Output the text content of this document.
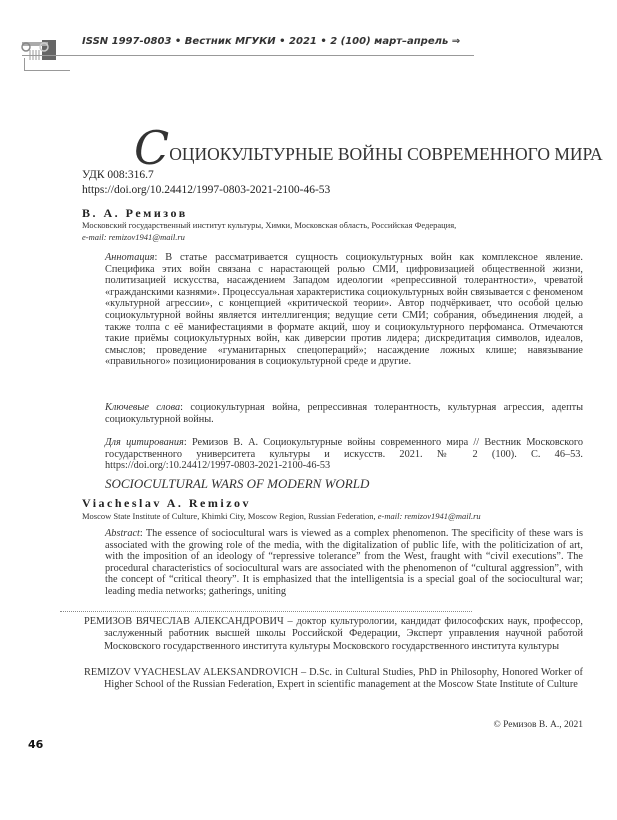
ISSN 1997-0803 • Вестник МГУКИ • 2021 • 2 (100) март–апрель ⇒
СОЦИОКУЛЬТУРНЫЕ ВОЙНЫ СОВРЕМЕННОГО МИРА
УДК 008:316.7
https://doi.org/10.24412/1997-0803-2021-2100-46-53
В. А. Ремизов
Московский государственный институт культуры, Химки, Московская область, Российская Федерация,
e-mail: remizov1941@mail.ru
Аннотация: В статье рассматривается сущность социокультурных войн как комплексное явление. Специфика этих войн связана с нарастающей ролью СМИ, цифровизацией общественной жизни, политизацией искусства, насаждением Западом идеологии «репрессивной толерантности», чреватой «гражданскими казнями». Процессуальная характеристика социокультурных войн связывается с феноменом «культурной агрессии», с концепцией «критической теории». Автор подчёркивает, что особой целью социокультурной войны является интеллигенция; ведущие сети СМИ; собрания, объединения людей, а также толпа с её манифестациями в формате акций, шоу и социокультурного перфоманса. Отмечаются такие приёмы социокультурных войн, как диверсии против лидера; дискредитация символов, идеалов, смыслов; проведение «гуманитарных спецопераций»; насаждение ложных клише; навязывание «правильного» позиционирования в социокультурной среде и другие.
Ключевые слова: социокультурная война, репрессивная толерантность, культурная агрессия, адепты социокультурной войны.
Для цитирования: Ремизов В. А. Социокультурные войны современного мира // Вестник Московского государственного университета культуры и искусств. 2021. № 2 (100). С. 46–53. https://doi.org/:10.24412/1997-0803-2021-2100-46-53
SOCIOCULTURAL WARS OF MODERN WORLD
Viacheslav A. Remizov
Moscow State Institute of Culture, Khimki City, Moscow Region, Russian Federation, e-mail: remizov1941@mail.ru
Abstract: The essence of sociocultural wars is viewed as a complex phenomenon. The specificity of these wars is associated with the growing role of the media, with the digitalization of public life, with the politicization of art, with the imposition of an ideology of “repressive tolerance” from the West, fraught with “civil executions”. The procedural characteristics of sociocultural wars are associated with the phenomenon of “cultural aggression”, with the concept of “critical theory”. It is emphasized that the intelligentsia is a special goal of the sociocultural war; leading media networks; gatherings, uniting
РЕМИЗОВ ВЯЧЕСЛАВ АЛЕКСАНДРОВИЧ – доктор культурологии, кандидат философских наук, профессор, заслуженный работник высшей школы Российской Федерации, Эксперт управления научной работой Московского государственного института культуры Московского государственного института культуры
REMIZOV VYACHESLAV ALEKSANDROVICH – D.Sc. in Cultural Studies, PhD in Philosophy, Honored Worker of Higher School of the Russian Federation, Expert in scientific management at the Moscow State Institute of Culture
© Ремизов В. А., 2021
46
